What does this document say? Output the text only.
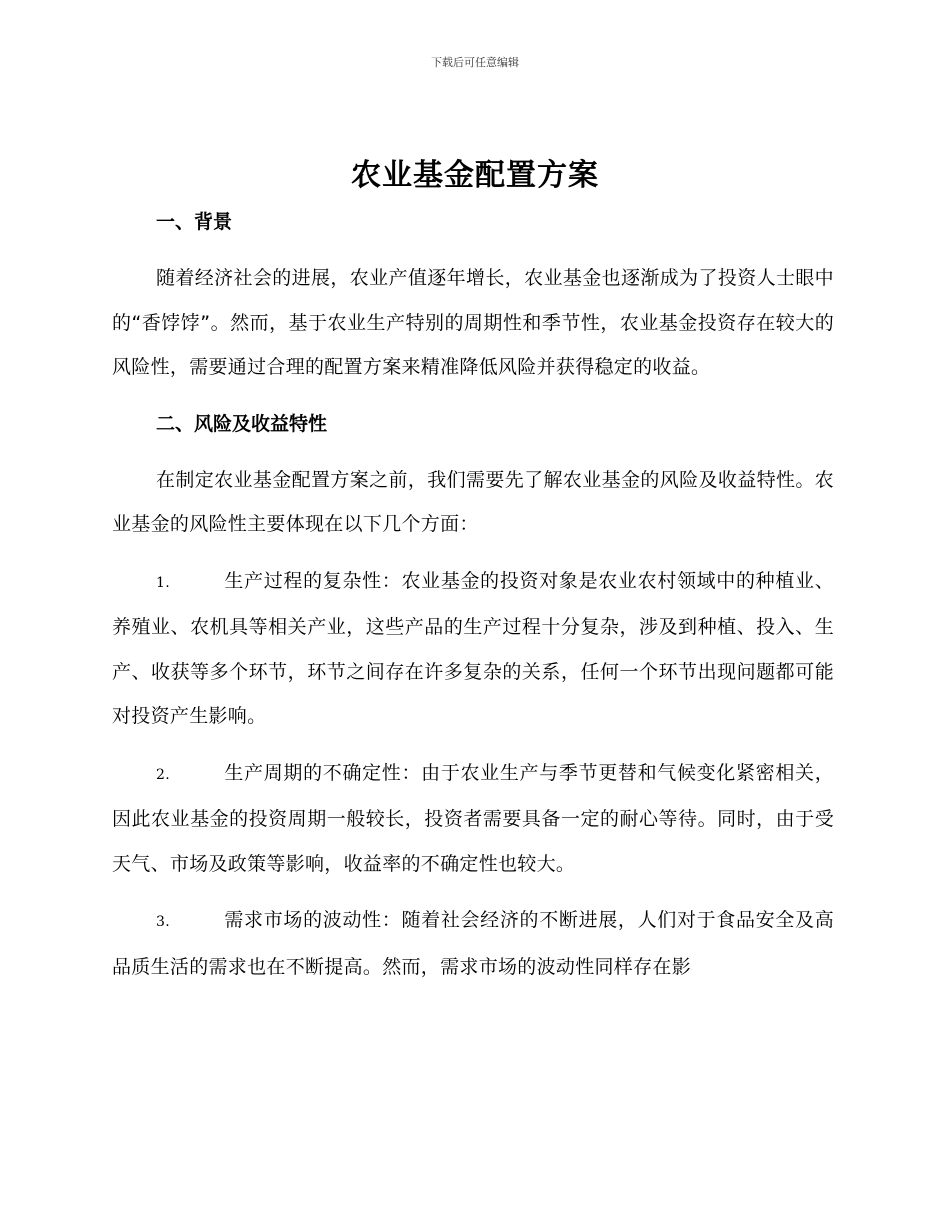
下载后可任意编辑
农业基金配置方案
一、背景

随着经济社会的进展，农业产值逐年增长，农业基金也逐渐成为了投资人士眼中的“香饽饽”。然而，基于农业生产特别的周期性和季节性，农业基金投资存在较大的风险性，需要通过合理的配置方案来精准降低风险并获得稳定的收益。

二、风险及收益特性

在制定农业基金配置方案之前，我们需要先了解农业基金的风险及收益特性。农业基金的风险性主要体现在以下几个方面：

1.	生产过程的复杂性：农业基金的投资对象是农业农村领域中的种植业、养殖业、农机具等相关产业，这些产品的生产过程十分复杂，涉及到种植、投入、生产、收获等多个环节，环节之间存在许多复杂的关系，任何一个环节出现问题都可能对投资产生影响。

2.	生产周期的不确定性：由于农业生产与季节更替和气候变化紧密相关，因此农业基金的投资周期一般较长，投资者需要具备一定的耐心等待。同时，由于受天气、市场及政策等影响，收益率的不确定性也较大。

3.	需求市场的波动性：随着社会经济的不断进展，人们对于食品安全及高品质生活的需求也在不断提高。然而，需求市场的波动性同样存在影
